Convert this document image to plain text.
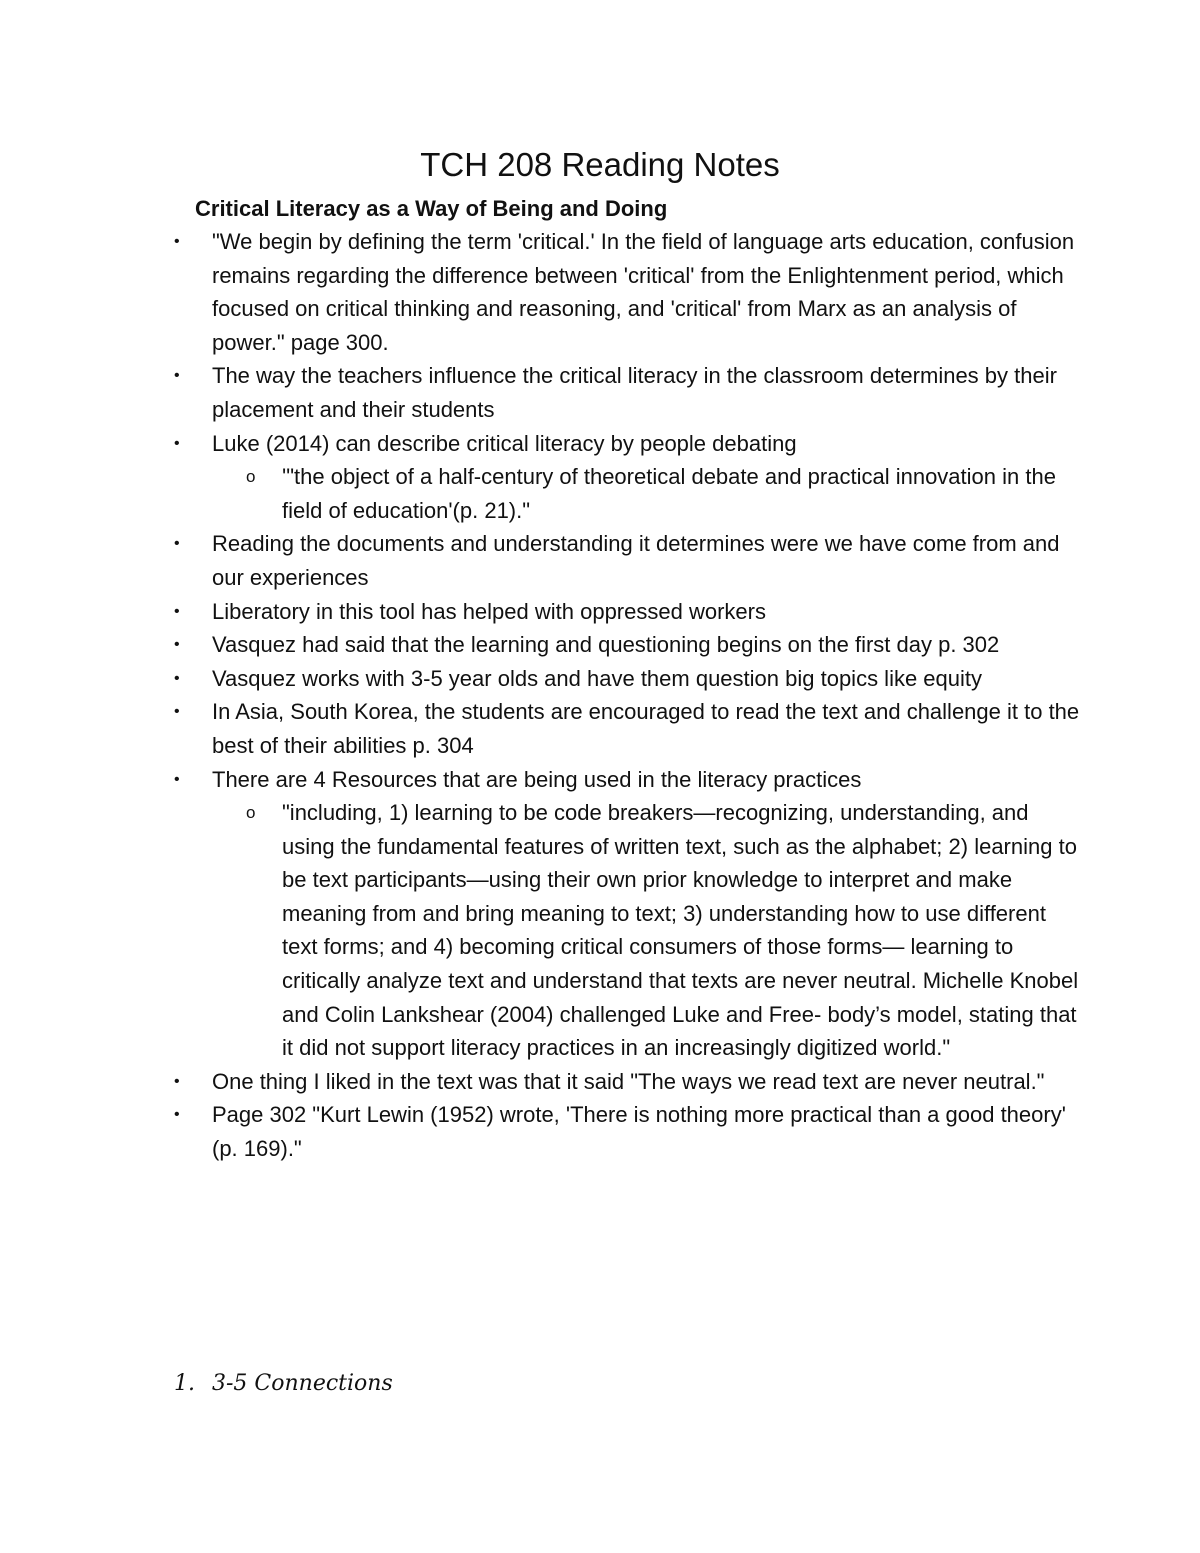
TCH 208 Reading Notes
Critical Literacy as a Way of Being and Doing
• "We begin by defining the term 'critical.' In the field of language arts education, confusion remains regarding the difference between 'critical' from the Enlightenment period, which focused on critical thinking and reasoning, and 'critical' from Marx as an analysis of power." page 300.
• The way the teachers influence the critical literacy in the classroom determines by their placement and their students
• Luke (2014) can describe critical literacy by people debating
o '"the object of a half-century of theoretical debate and practical innovation in the field of education'(p. 21)."
• Reading the documents and understanding it determines were we have come from and our experiences
• Liberatory in this tool has helped with oppressed workers
• Vasquez had said that the learning and questioning begins on the first day p. 302
• Vasquez works with 3-5 year olds and have them question big topics like equity
• In Asia, South Korea, the students are encouraged to read the text and challenge it to the best of their abilities p. 304
• There are 4 Resources that are being used in the literacy practices
o "including, 1) learning to be code breakers—recognizing, understanding, and using the fundamental features of written text, such as the alphabet; 2) learning to be text participants—using their own prior knowledge to interpret and make meaning from and bring meaning to text; 3) understanding how to use different text forms; and 4) becoming critical consumers of those forms— learning to critically analyze text and understand that texts are never neutral. Michelle Knobel and Colin Lankshear (2004) challenged Luke and Free- body’s model, stating that it did not support literacy practices in an increasingly digitized world."
• One thing I liked in the text was that it said "The ways we read text are never neutral."
• Page 302 "Kurt Lewin (1952) wrote, 'There is nothing more practical than a good theory' (p. 169)."
1. 3-5 Connections
